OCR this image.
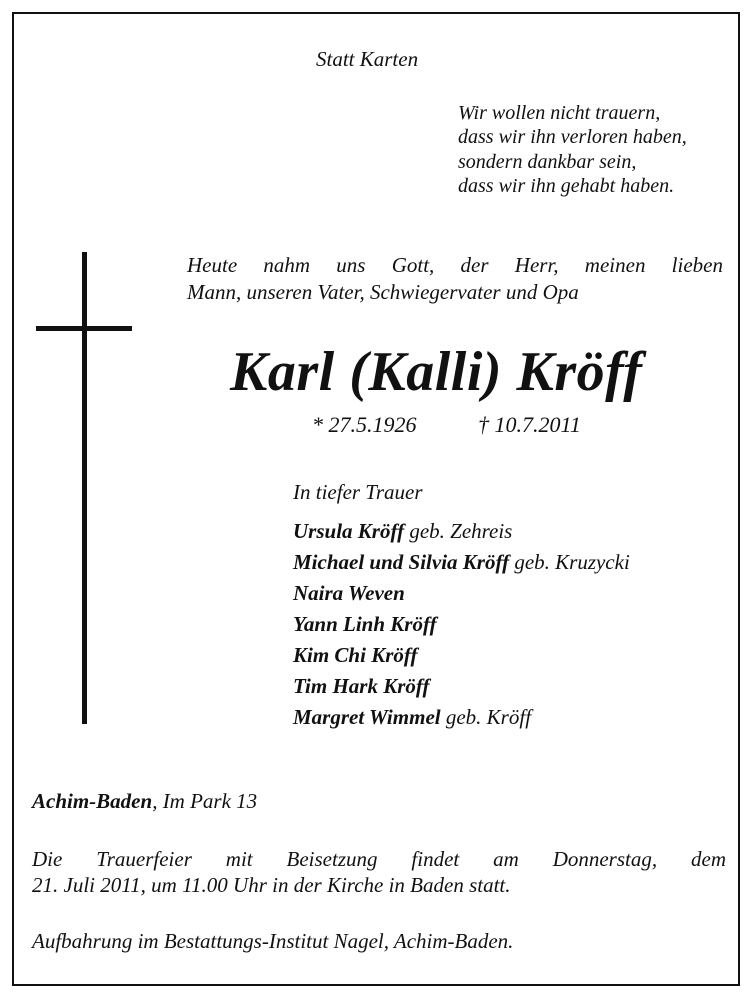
Statt Karten
Wir wollen nicht trauern,
dass wir ihn verloren haben,
sondern dankbar sein,
dass wir ihn gehabt haben.
Heute nahm uns Gott, der Herr, meinen lieben
Mann, unseren Vater, Schwiegervater und Opa
Karl (Kalli) Kröff
* 27.5.1926	† 10.7.2011
In tiefer Trauer
Ursula Kröff geb. Zehreis
Michael und Silvia Kröff geb. Kruzycki
Naira Weven
Yann Linh Kröff
Kim Chi Kröff
Tim Hark Kröff
Margret Wimmel geb. Kröff
Achim-Baden, Im Park 13
Die Trauerfeier mit Beisetzung findet am Donnerstag, dem
21. Juli 2011, um 11.00 Uhr in der Kirche in Baden statt.
Aufbahrung im Bestattungs-Institut Nagel, Achim-Baden.
